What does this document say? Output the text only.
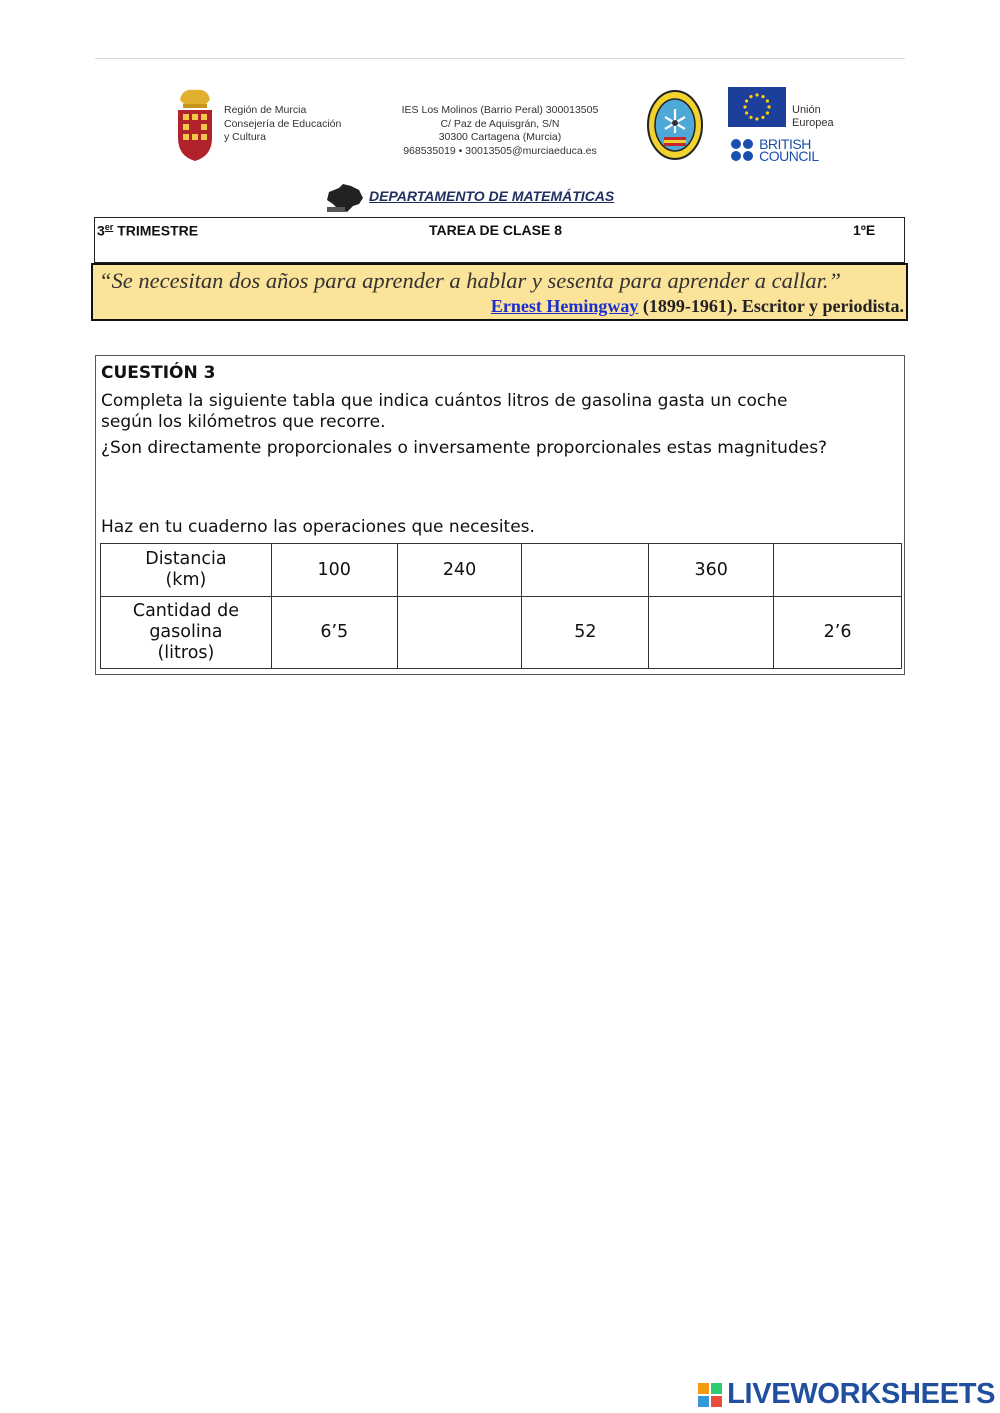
Región de Murcia
Consejería de Educación
y Cultura
IES Los Molinos (Barrio Peral) 300013505
C/ Paz de Aquisgrán, S/N
30300 Cartagena (Murcia)
968535019 • 30013505@murciaeduca.es
Unión
Europea

BRITISH
COUNCIL
DEPARTAMENTO DE MATEMÁTICAS
3er TRIMESTRE	TAREA DE CLASE 8	1ºE
“Se necesitan dos años para aprender a hablar y sesenta para aprender a callar.”
Ernest Hemingway (1899-1961). Escritor y periodista.
CUESTIÓN 3
Completa la siguiente tabla que indica cuántos litros de gasolina gasta un coche
según los kilómetros que recorre.
¿Son directamente proporcionales o inversamente proporcionales estas magnitudes?
Haz en tu cuaderno las operaciones que necesites.
Distancia
(km)	100	240		360	

Cantidad de
gasolina
(litros)	6’5		52		2’6
LIVEWORKSHEETS
